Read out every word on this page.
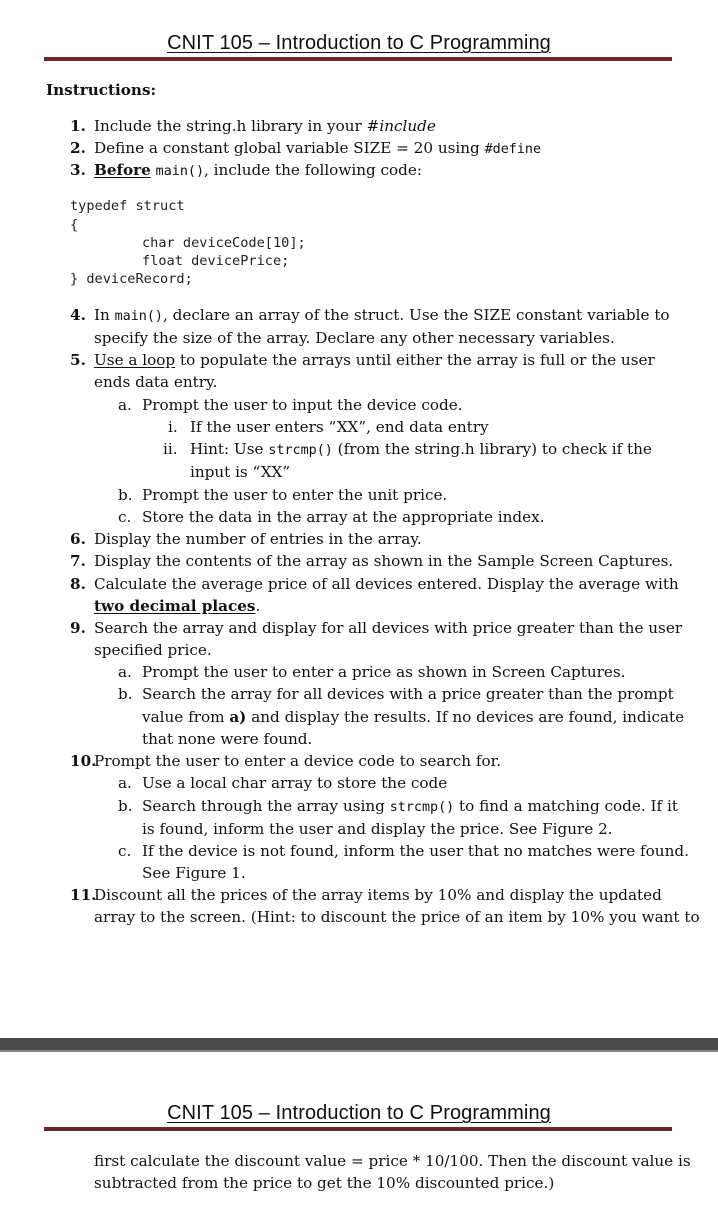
CNIT 105 – Introduction to C Programming
Instructions:
1. Include the string.h library in your #include
2. Define a constant global variable SIZE = 20 using #define
3. Before main(), include the following code:
typedef struct
{
char deviceCode[10];
float devicePrice;
} deviceRecord;
4. In main(), declare an array of the struct. Use the SIZE constant variable to
specify the size of the array. Declare any other necessary variables.
5. Use a loop to populate the arrays until either the array is full or the user
ends data entry.
a. Prompt the user to input the device code.
i. If the user enters “XX”, end data entry
ii. Hint: Use strcmp() (from the string.h library) to check if the
input is “XX”
b. Prompt the user to enter the unit price.
c. Store the data in the array at the appropriate index.
6. Display the number of entries in the array.
7. Display the contents of the array as shown in the Sample Screen Captures.
8. Calculate the average price of all devices entered. Display the average with
two decimal places.
9. Search the array and display for all devices with price greater than the user
specified price.
a. Prompt the user to enter a price as shown in Screen Captures.
b. Search the array for all devices with a price greater than the prompt
value from a) and display the results. If no devices are found, indicate
that none were found.
10.
Prompt the user to enter a device code to search for.
a. Use a local char array to store the code
b. Search through the array using strcmp() to find a matching code. If it
is found, inform the user and display the price. See Figure 2.
c. If the device is not found, inform the user that no matches were found.
See Figure 1.
11.
Discount all the prices of the array items by 10% and display the updated
array to the screen. (Hint: to discount the price of an item by 10% you want to
CNIT 105 – Introduction to C Programming
first calculate the discount value = price * 10/100. Then the discount value is
subtracted from the price to get the 10% discounted price.)
